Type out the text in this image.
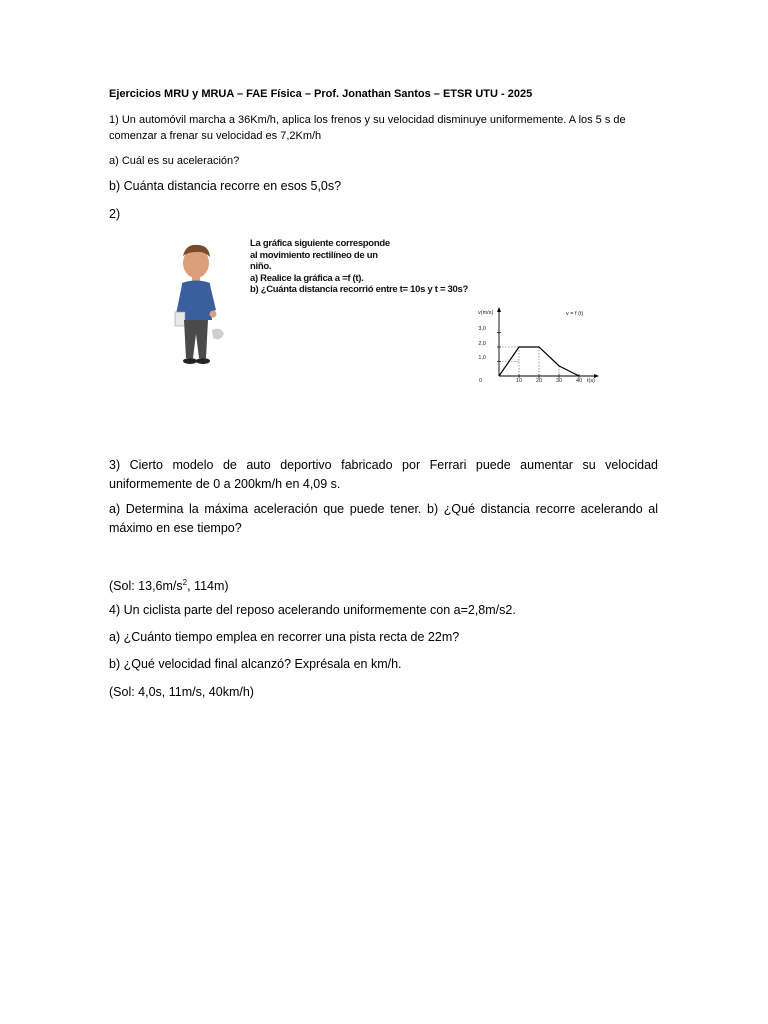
Ejercicios MRU y MRUA – FAE Física – Prof. Jonathan Santos – ETSR UTU - 2025

1) Un automóvil marcha a 36Km/h, aplica los frenos y su velocidad disminuye uniformemente. A los 5 s de

comenzar a frenar su velocidad es 7,2Km/h

a) Cuál es su aceleración?

b) Cuánta distancia recorre en esos 5,0s?

2)

La gráfica siguiente corresponde
al movimiento rectilíneo de un
niño.
a) Realice la gráfica a =f (t).
b) ¿Cuánta distancia recorrió entre t= 10s y t = 30s?
v(m/s)	v = f (t)
1,0
2,0
3,0
0	10	20	30	40 t(s)

3) Cierto modelo de auto deportivo fabricado por Ferrari puede aumentar su velocidad uniformemente de 0 a 200km/h en 4,09 s.

a) Determina la máxima aceleración que puede tener. b) ¿Qué distancia recorre acelerando al máximo en ese tiempo?

(Sol: $13,6m/s^2$, 114m)

4) Un ciclista parte del reposo acelerando uniformemente con a=2,8m/s2.

a) ¿Cuánto tiempo emplea en recorrer una pista recta de 22m?

b) ¿Qué velocidad final alcanzó? Exprésala en km/h.

(Sol: 4,0s, 11m/s, 40km/h)
